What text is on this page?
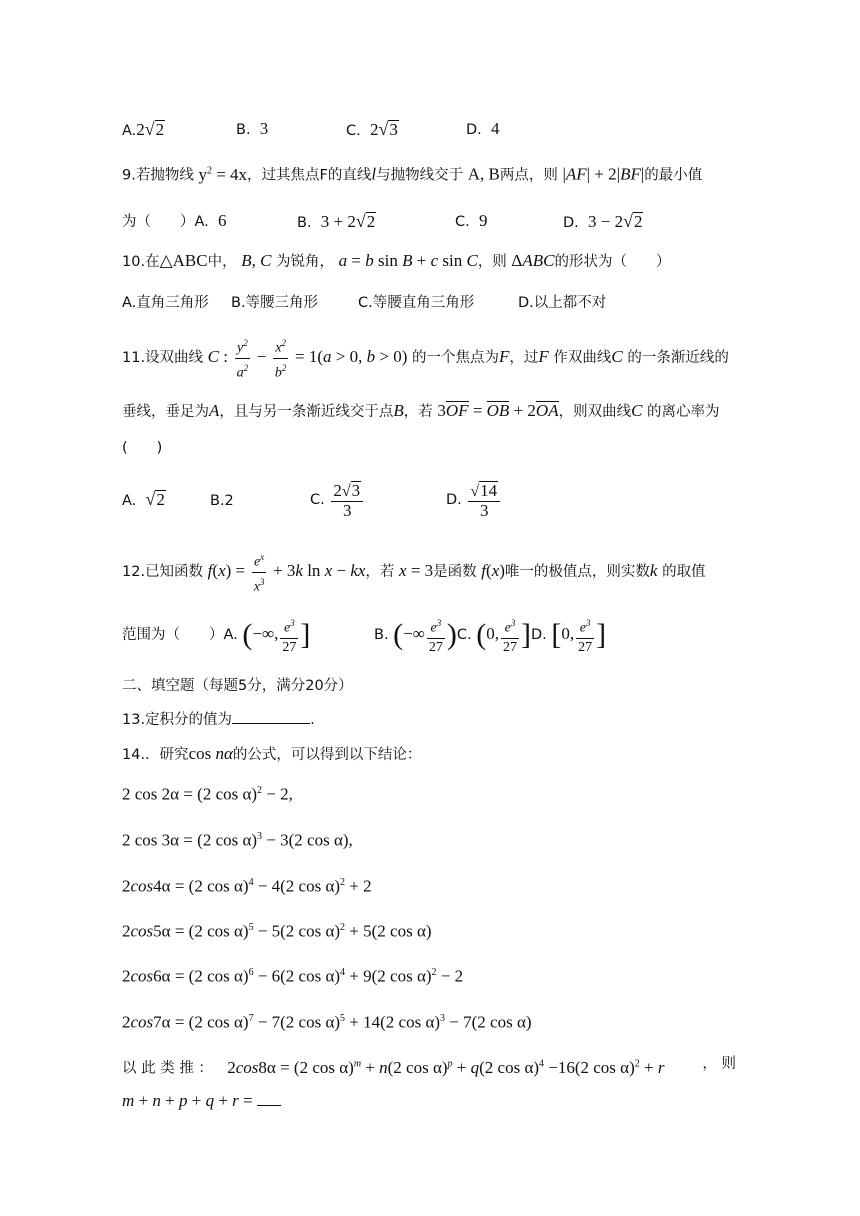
A.2√2	B. 3	C. 2√3	D. 4
9.若抛物线 $y^2 = 4x$，过其焦点F的直线l与抛物线交于 A, B两点，则 |AF| + 2|BF|的最小值
为（　　）A. 6	B. 3 + 2√2	C. 9	D. 3 − 2√2
10.在△ABC中， B, C 为锐角， a = b sin B + c sin C，则 ΔABC的形状为（　　）
A.直角三角形 B.等腰三角形	C.等腰直角三角形	D.以上都不对
11.设双曲线 C : $\frac{y^2}{a^2} - \frac{x^2}{b^2} = 1(a > 0$, b > 0) 的一个焦点为F，过F 作双曲线C 的一条渐近线的
垂线，垂足为A，且与另一条渐近线交于点B，若 3OF = OB + 2OA，则双曲线C 的离心率为
(　　)
A. √2	B.2	C. $\frac{2√3}{3}$	D. $\frac{√14}{3}$
12.已知函数 $f(x) = \frac{e^x}{x^3} + 3k$ ln x − kx，若 x = 3是函数 f(x)唯一的极值点，则实数k 的取值
范围为（　　）A. (−∞, $\frac{e^3}{27}$ ]	B. (−∞ $\frac{e^3}{27} )C$. (0, $\frac{e^3}{27} ]D$. [0, $\frac{e^3}{27}$ ]
二、填空题（每题5分，满分20分）
13.定积分的值为	.
14.．研究cos nα的公式，可以得到以下结论：
2 cos 2α = (2 cos α)$^2$ − 2,
2 cos 3α = (2 cos α)$^3$ − 3(2 cos α),
2cos4α = (2 cos α)$^4$ − 4(2 cos α)$^2$ + 2
2cos5α = (2 cos α)$^5$ − 5(2 cos α)$^2$ + 5(2 cos α)
2cos6α = (2 cos α)$^6$ − 6(2 cos α)$^4$ + 9(2 cos α)$^2$ − 2
2cos7α = (2 cos α)$^7$ − 7(2 cos α)$^5$ + 14(2 cos α)$^3$ − 7(2 cos α)
以 此 类 推 ： 2cos8α = (2 cos α)$^m$ + n(2 cos α)$^p$ + q(2 cos α)$^4$ −16(2 cos α)$^2$ + r	， 则
m + n + p + q + r =
